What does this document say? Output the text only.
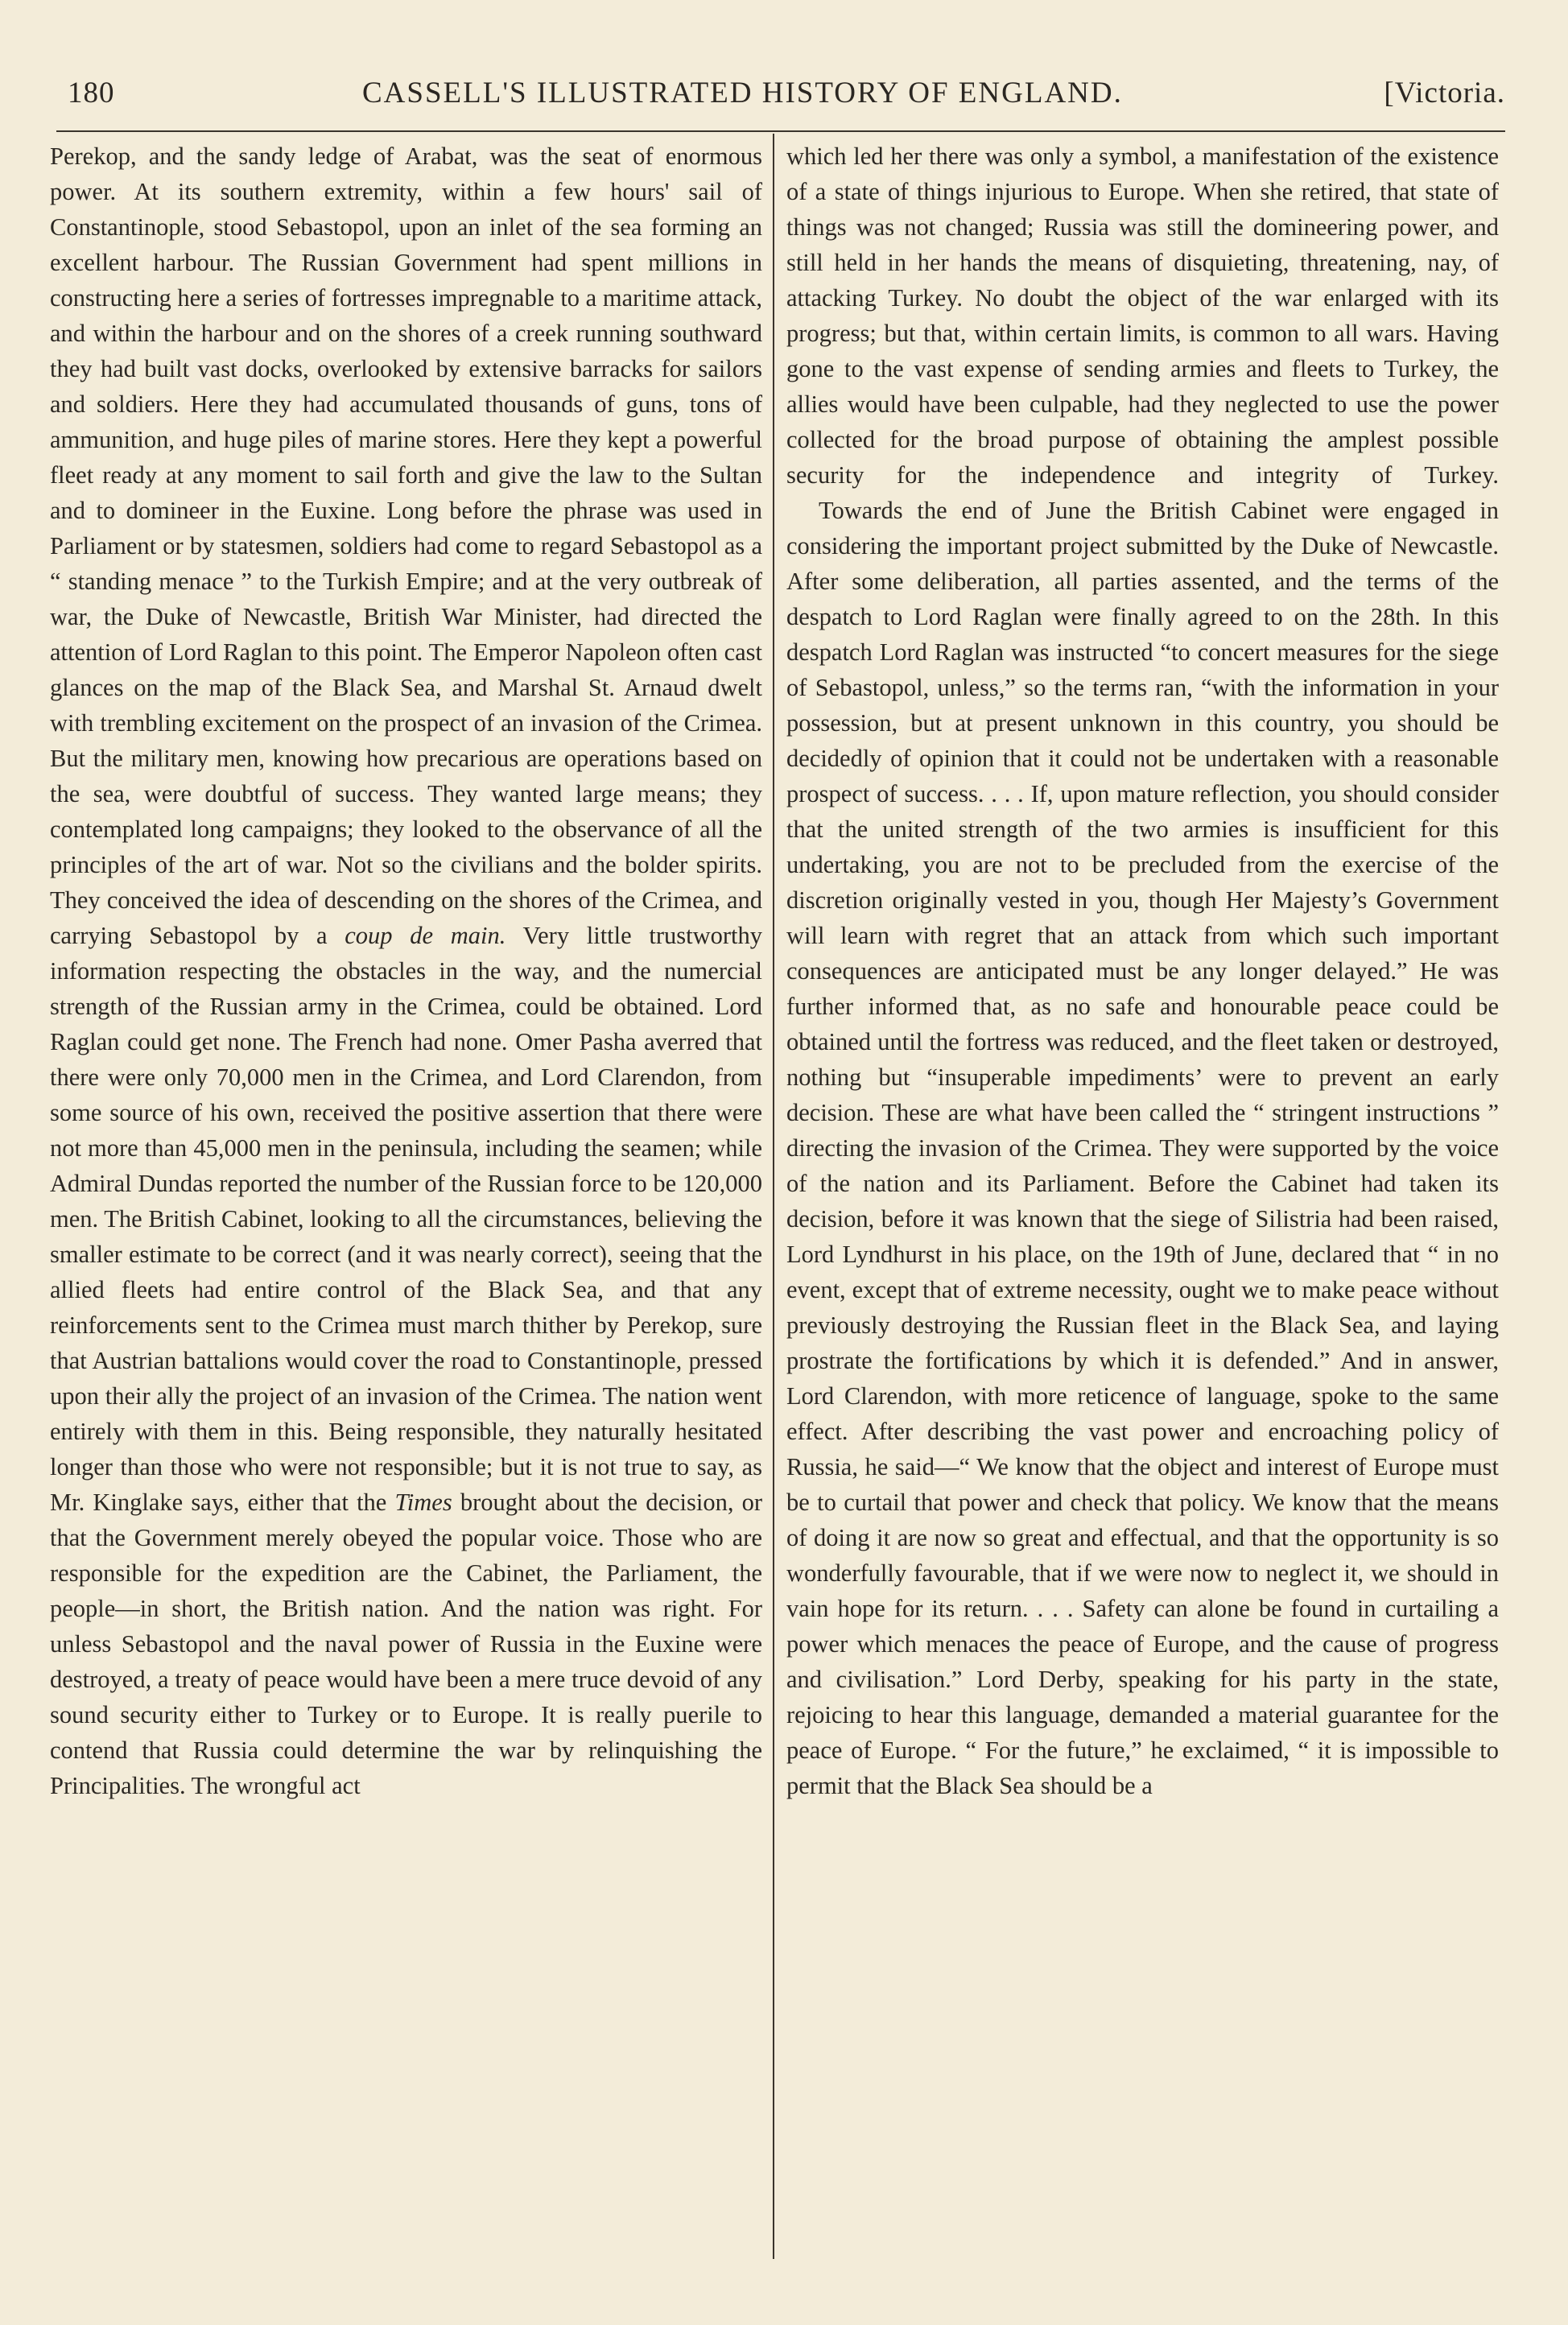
180	CASSELL'S ILLUSTRATED HISTORY OF ENGLAND.	[Victoria.

Perekop, and the sandy ledge of Arabat, was the seat of enormous power. At its southern extremity, within a few hours' sail of Constantinople, stood Sebastopol, upon an inlet of the sea forming an excellent harbour. The Russian Government had spent millions in constructing here a series of fortresses impregnable to a maritime attack, and within the harbour and on the shores of a creek running southward they had built vast docks, overlooked by extensive barracks for sailors and soldiers. Here they had accumulated thousands of guns, tons of ammunition, and huge piles of marine stores. Here they kept a powerful fleet ready at any moment to sail forth and give the law to the Sultan and to domineer in the Euxine. Long before the phrase was used in Parliament or by statesmen, soldiers had come to regard Sebastopol as a “ standing menace ” to the Turkish Empire; and at the very outbreak of war, the Duke of Newcastle, British War Minister, had directed the attention of Lord Raglan to this point. The Emperor Napoleon often cast glances on the map of the Black Sea, and Marshal St. Arnaud dwelt with trembling excitement on the prospect of an invasion of the Crimea. But the military men, knowing how precarious are operations based on the sea, were doubtful of success. They wanted large means; they contemplated long campaigns; they looked to the observance of all the principles of the art of war. Not so the civilians and the bolder spirits. They conceived the idea of descending on the shores of the Crimea, and carrying Sebastopol by a coup de main. Very little trustworthy information respecting the obstacles in the way, and the numercial strength of the Russian army in the Crimea, could be obtained. Lord Raglan could get none. The French had none. Omer Pasha averred that there were only 70,000 men in the Crimea, and Lord Clarendon, from some source of his own, received the positive assertion that there were not more than 45,000 men in the peninsula, including the seamen; while Admiral Dundas reported the number of the Russian force to be 120,000 men. The British Cabinet, looking to all the circumstances, believing the smaller estimate to be correct (and it was nearly correct), seeing that the allied fleets had entire control of the Black Sea, and that any reinforcements sent to the Crimea must march thither by Perekop, sure that Austrian battalions would cover the road to Constantinople, pressed upon their ally the project of an invasion of the Crimea. The nation went entirely with them in this. Being responsible, they naturally hesitated longer than those who were not responsible; but it is not true to say, as Mr. Kinglake says, either that the Times brought about the decision, or that the Government merely obeyed the popular voice. Those who are responsible for the expedition are the Cabinet, the Parliament, the people—in short, the British nation. And the nation was right. For unless Sebastopol and the naval power of Russia in the Euxine were destroyed, a treaty of peace would have been a mere truce devoid of any sound security either to Turkey or to Europe. It is really puerile to contend that Russia could determine the war by relinquishing the Principalities. The wrongful act

which led her there was only a symbol, a manifestation of the existence of a state of things injurious to Europe. When she retired, that state of things was not changed; Russia was still the domineering power, and still held in her hands the means of disquieting, threatening, nay, of attacking Turkey. No doubt the object of the war enlarged with its progress; but that, within certain limits, is common to all wars. Having gone to the vast expense of sending armies and fleets to Turkey, the allies would have been culpable, had they neglected to use the power collected for the broad purpose of obtaining the amplest possible security for the independence and integrity of Turkey.

Towards the end of June the British Cabinet were engaged in considering the important project submitted by the Duke of Newcastle. After some deliberation, all parties assented, and the terms of the despatch to Lord Raglan were finally agreed to on the 28th. In this despatch Lord Raglan was instructed “to concert measures for the siege of Sebastopol, unless,” so the terms ran, “with the information in your possession, but at present unknown in this country, you should be decidedly of opinion that it could not be undertaken with a reasonable prospect of success. . . . If, upon mature reflection, you should consider that the united strength of the two armies is insufficient for this undertaking, you are not to be precluded from the exercise of the discretion originally vested in you, though Her Majesty’s Government will learn with regret that an attack from which such important consequences are anticipated must be any longer delayed.” He was further informed that, as no safe and honourable peace could be obtained until the fortress was reduced, and the fleet taken or destroyed, nothing but “insuperable impediments’ were to prevent an early decision. These are what have been called the “ stringent instructions ” directing the invasion of the Crimea. They were supported by the voice of the nation and its Parliament. Before the Cabinet had taken its decision, before it was known that the siege of Silistria had been raised, Lord Lyndhurst in his place, on the 19th of June, declared that “ in no event, except that of extreme necessity, ought we to make peace without previously destroying the Russian fleet in the Black Sea, and laying prostrate the fortifications by which it is defended.” And in answer, Lord Clarendon, with more reticence of language, spoke to the same effect. After describing the vast power and encroaching policy of Russia, he said—“ We know that the object and interest of Europe must be to curtail that power and check that policy. We know that the means of doing it are now so great and effectual, and that the opportunity is so wonderfully favourable, that if we were now to neglect it, we should in vain hope for its return. . . . Safety can alone be found in curtailing a power which menaces the peace of Europe, and the cause of progress and civilisation.” Lord Derby, speaking for his party in the state, rejoicing to hear this language, demanded a material guarantee for the peace of Europe. “ For the future,” he exclaimed, “ it is impossible to permit that the Black Sea should be a
